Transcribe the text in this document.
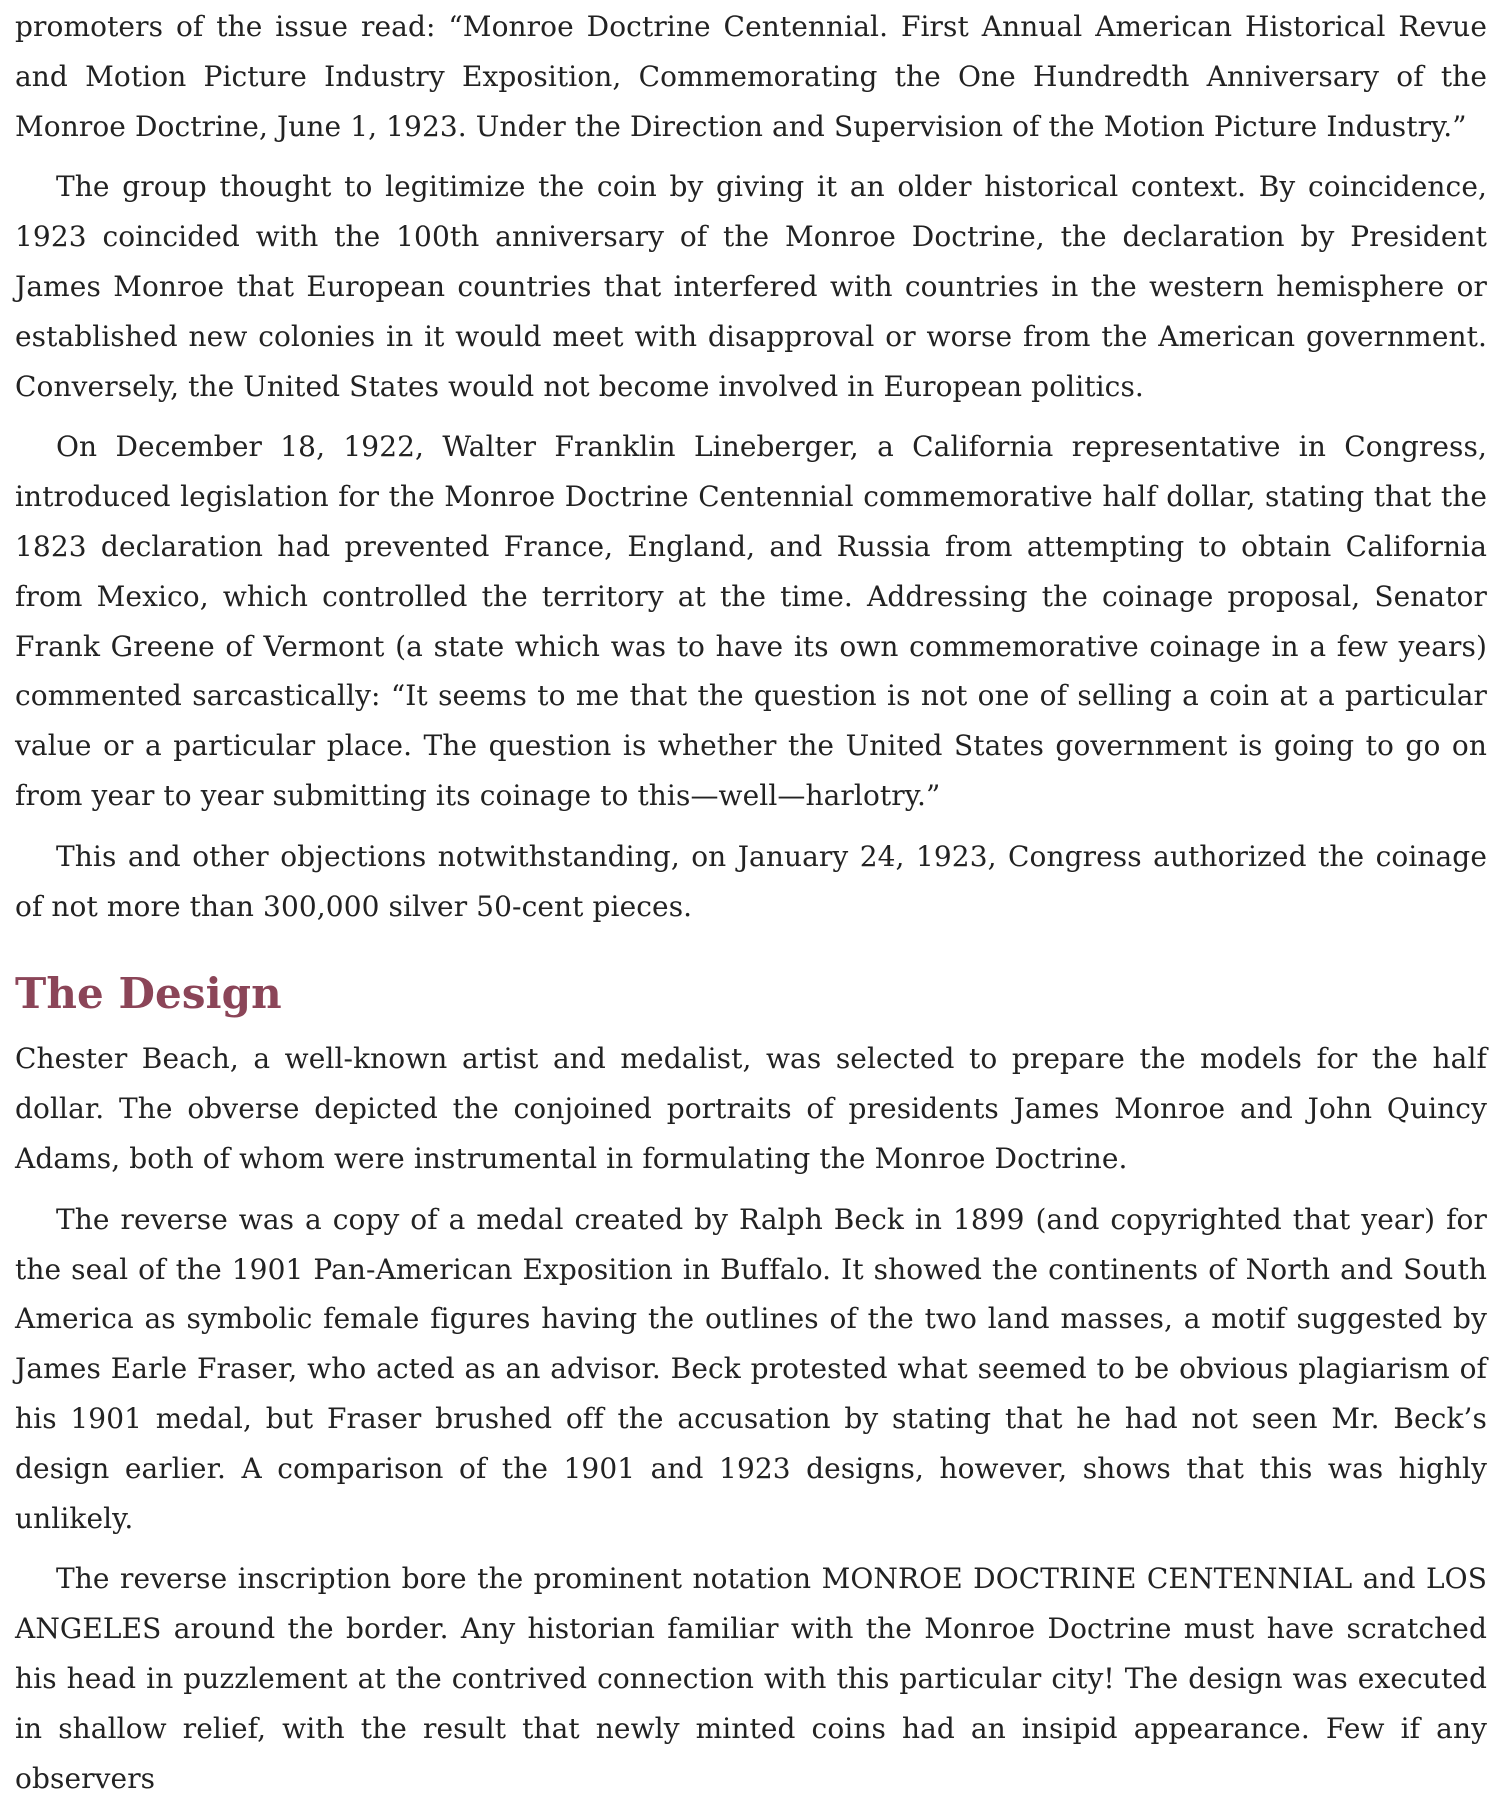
promoters of the issue read: “Monroe Doctrine Centennial. First Annual American Historical Revue and Motion Picture Industry Exposition, Commemorating the One Hundredth Anniversary of the Monroe Doctrine, June 1, 1923. Under the Direction and Supervision of the Motion Picture Industry.”

The group thought to legitimize the coin by giving it an older historical context. By coincidence, 1923 coincided with the 100th anniversary of the Monroe Doctrine, the declaration by President James Monroe that European countries that interfered with countries in the western hemisphere or established new colonies in it would meet with disapproval or worse from the American government. Conversely, the United States would not become involved in European politics.

On December 18, 1922, Walter Franklin Lineberger, a California representative in Congress, introduced legislation for the Monroe Doctrine Centennial commemorative half dollar, stating that the 1823 declaration had prevented France, England, and Russia from attempting to obtain California from Mexico, which controlled the territory at the time. Addressing the coinage proposal, Senator Frank Greene of Vermont (a state which was to have its own commemorative coinage in a few years) commented sarcastically: “It seems to me that the question is not one of selling a coin at a particular value or a particular place. The question is whether the United States government is going to go on from year to year submitting its coinage to this—well—harlotry.”

This and other objections notwithstanding, on January 24, 1923, Congress authorized the coinage of not more than 300,000 silver 50-cent pieces.

The Design

Chester Beach, a well-known artist and medalist, was selected to prepare the models for the half dollar. The obverse depicted the conjoined portraits of presidents James Monroe and John Quincy Adams, both of whom were instrumental in formulating the Monroe Doctrine.

The reverse was a copy of a medal created by Ralph Beck in 1899 (and copyrighted that year) for the seal of the 1901 Pan-American Exposition in Buffalo. It showed the continents of North and South America as symbolic female figures having the outlines of the two land masses, a motif suggested by James Earle Fraser, who acted as an advisor. Beck protested what seemed to be obvious plagiarism of his 1901 medal, but Fraser brushed off the accusation by stating that he had not seen Mr. Beck’s design earlier. A comparison of the 1901 and 1923 designs, however, shows that this was highly unlikely.

The reverse inscription bore the prominent notation MONROE DOCTRINE CENTENNIAL and LOS ANGELES around the border. Any historian familiar with the Monroe Doctrine must have scratched his head in puzzlement at the contrived connection with this particular city! The design was executed in shallow relief, with the result that newly minted coins had an insipid appearance. Few if any observers
